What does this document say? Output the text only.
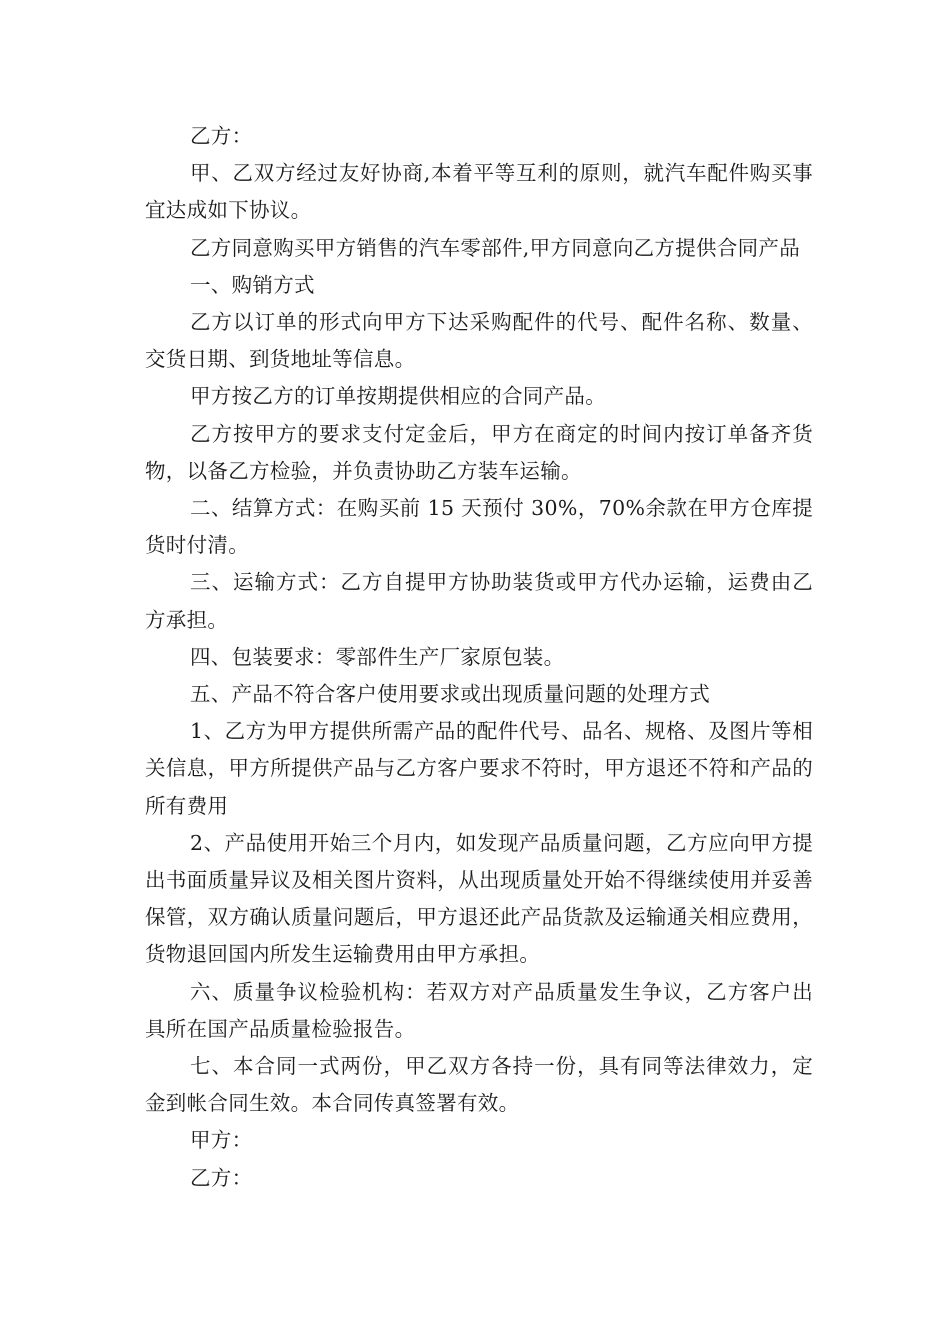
乙方：

甲、乙双方经过友好协商,本着平等互利的原则，就汽车配件购买事宜达成如下协议。

乙方同意购买甲方销售的汽车零部件,甲方同意向乙方提供合同产品

一、购销方式

乙方以订单的形式向甲方下达采购配件的代号、配件名称、数量、交货日期、到货地址等信息。

甲方按乙方的订单按期提供相应的合同产品。

乙方按甲方的要求支付定金后，甲方在商定的时间内按订单备齐货物，以备乙方检验，并负责协助乙方装车运输。

二、结算方式：在购买前 15 天预付 30%，70%余款在甲方仓库提货时付清。

三、运输方式：乙方自提甲方协助装货或甲方代办运输，运费由乙方承担。

四、包装要求：零部件生产厂家原包装。

五、产品不符合客户使用要求或出现质量问题的处理方式

1、乙方为甲方提供所需产品的配件代号、品名、规格、及图片等相关信息，甲方所提供产品与乙方客户要求不符时，甲方退还不符和产品的所有费用

2、产品使用开始三个月内，如发现产品质量问题，乙方应向甲方提出书面质量异议及相关图片资料，从出现质量处开始不得继续使用并妥善保管，双方确认质量问题后，甲方退还此产品货款及运输通关相应费用，货物退回国内所发生运输费用由甲方承担。

六、质量争议检验机构：若双方对产品质量发生争议，乙方客户出具所在国产品质量检验报告。

七、本合同一式两份，甲乙双方各持一份，具有同等法律效力，定金到帐合同生效。本合同传真签署有效。

甲方：

乙方：
